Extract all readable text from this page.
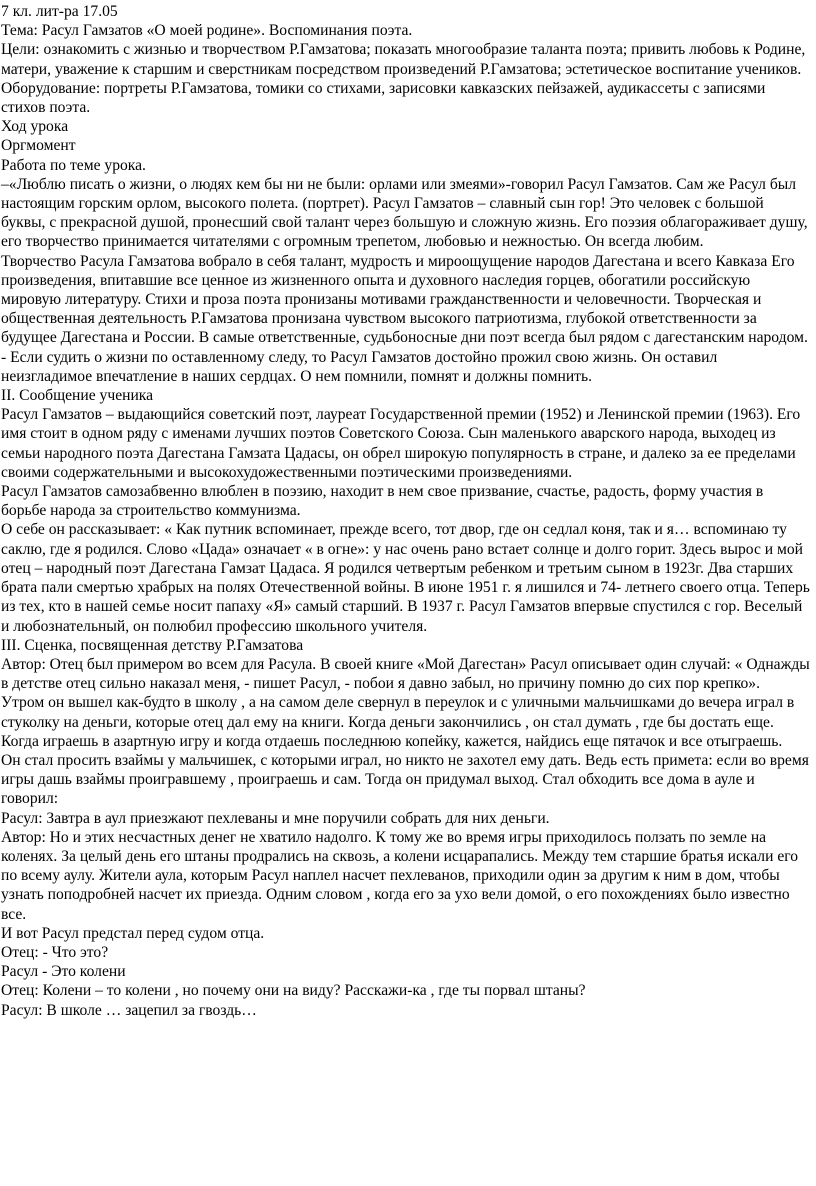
7 кл. лит-ра 17.05

Тема: Расул Гамзатов «О моей родине». Воспоминания поэта.

Цели: ознакомить с жизнью и творчеством Р.Гамзатова; показать многообразие таланта поэта; привить любовь к Родине, матери, уважение к старшим и сверстникам посредством произведений Р.Гамзатова; эстетическое воспитание учеников.

Оборудование: портреты Р.Гамзатова, томики со стихами, зарисовки кавказских пейзажей, аудикассеты с записями стихов поэта.

Ход урока

Оргмомент

Работа по теме урока.

–«Люблю писать о жизни, о людях кем бы ни не были: орлами или змеями»-говорил Расул Гамзатов. Сам же Расул был настоящим горским орлом, высокого полета. (портрет). Расул Гамзатов – славный сын гор! Это человек с большой буквы, с прекрасной душой, пронесший свой талант через большую и сложную жизнь. Его поэзия облагораживает душу, его творчество принимается читателями с огромным трепетом, любовью и нежностью. Он всегда любим.

Творчество Расула Гамзатова вобрало в себя талант, мудрость и мироощущение народов Дагестана и всего Кавказа Его произведения, впитавшие все ценное из жизненного опыта и духовного наследия горцев, обогатили российскую мировую литературу. Стихи и проза поэта пронизаны мотивами гражданственности и человечности. Творческая и общественная деятельность Р.Гамзатова пронизана чувством высокого патриотизма, глубокой ответственности за будущее Дагестана и России. В самые ответственные, судьбоносные дни поэт всегда был рядом с дагестанским народом.

- Если судить о жизни по оставленному следу, то Расул Гамзатов достойно прожил свою жизнь. Он оставил неизгладимое впечатление в наших сердцах. О нем помнили, помнят и должны помнить.

II. Сообщение ученика

Расул Гамзатов – выдающийся советский поэт, лауреат Государственной премии (1952) и Ленинской премии (1963). Его имя стоит в одном ряду с именами лучших поэтов Советского Союза. Сын маленького аварского народа, выходец из семьи народного поэта Дагестана Гамзата Цадасы, он обрел широкую популярность в стране, и далеко за ее пределами своими содержательными и высокохудожественными поэтическими произведениями.

Расул Гамзатов самозабвенно влюблен в поэзию, находит в нем свое призвание, счастье, радость, форму участия в борьбе народа за строительство коммунизма.

О себе он рассказывает: « Как путник вспоминает, прежде всего, тот двор, где он седлал коня, так и я… вспоминаю ту саклю, где я родился. Слово «Цада» означает « в огне»: у нас очень рано встает солнце и долго горит. Здесь вырос и мой отец – народный поэт Дагестана Гамзат Цадаса. Я родился четвертым ребенком и третьим сыном в 1923г. Два старших брата пали смертью храбрых на полях Отечественной войны. В июне 1951 г. я лишился и 74- летнего своего отца. Теперь из тех, кто в нашей семье носит папаху «Я» самый старший. В 1937 г. Расул Гамзатов впервые спустился с гор. Веселый и любознательный, он полюбил профессию школьного учителя.

III. Сценка, посвященная детству Р.Гамзатова

Автор: Отец был примером во всем для Расула. В своей книге «Мой Дагестан» Расул описывает один случай: « Однажды в детстве отец сильно наказал меня, - пишет Расул, - побои я давно забыл, но причину помню до сих пор крепко».

Утром он вышел как-будто в школу , а на самом деле свернул в переулок и с уличными мальчишками до вечера играл в стуколку на деньги, которые отец дал ему на книги. Когда деньги закончились , он стал думать , где бы достать еще. Когда играешь в азартную игру и когда отдаешь последнюю копейку, кажется, найдись еще пятачок и все отыграешь.

Он стал просить взаймы у мальчишек, с которыми играл, но никто не захотел ему дать. Ведь есть примета: если во время игры дашь взаймы проигравшему , проиграешь и сам. Тогда он придумал выход. Стал обходить все дома в ауле и говорил:

Расул: Завтра в аул приезжают пехлеваны и мне поручили собрать для них деньги.

Автор: Но и этих несчастных денег не хватило надолго. К тому же во время игры приходилось ползать по земле на коленях. За целый день его штаны продрались на сквозь, а колени исцарапались. Между тем старшие братья искали его по всему аулу. Жители аула, которым Расул наплел насчет пехлеванов, приходили один за другим к ним в дом, чтобы узнать поподробней насчет их приезда. Одним словом , когда его за ухо вели домой, о его похождениях было известно все.

И вот Расул предстал перед судом отца.

Отец: - Что это?

Расул - Это колени

Отец: Колени – то колени , но почему они на виду? Расскажи-ка , где ты порвал штаны?

Расул: В школе … зацепил за гвоздь…
